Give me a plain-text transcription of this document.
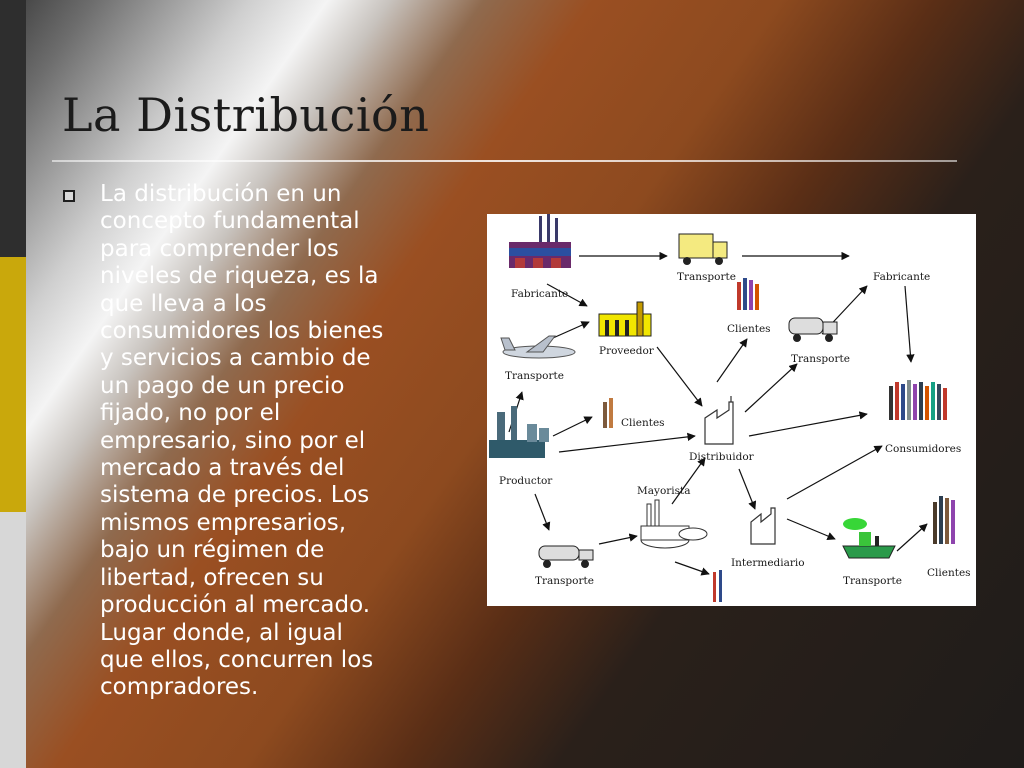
La Distribución

La distribución en un
concepto fundamental
para comprender los
niveles de riqueza, es la
que lleva a los
consumidores los bienes
y servicios a cambio de
un pago de un precio
fijado, no por el
empresario, sino por el
mercado a través del
sistema de precios. Los
mismos empresarios,
bajo un régimen de
libertad, ofrecen su
producción al mercado.
Lugar donde, al igual
que ellos, concurren los
compradores.

Fabricante
Transporte	Fabricante
Clientes
Proveedor
Transporte
Transporte
Clientes
Distribuidor
Consumidores
Productor
Mayorista
Intermediario
Transporte	Transporte
Clientes
